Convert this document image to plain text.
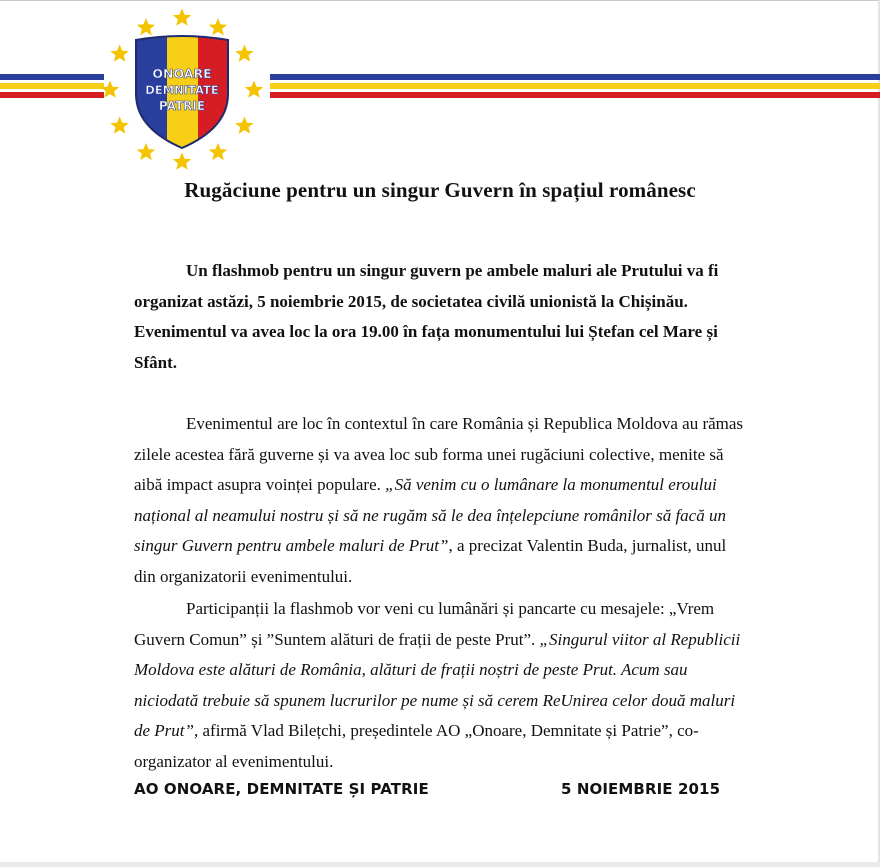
ONOARE
DEMNITATE
PATRIE
Rugăciune pentru un singur Guvern în spațiul românesc
Un flashmob pentru un singur guvern pe ambele maluri ale Prutului va fi organizat astăzi, 5 noiembrie 2015, de societatea civilă unionistă la Chișinău. Evenimentul va avea loc la ora 19.00 în fața monumentului lui Ștefan cel Mare și Sfânt.
Evenimentul are loc în contextul în care România și Republica Moldova au rămas zilele acestea fără guverne și va avea loc sub forma unei rugăciuni colective, menite să aibă impact asupra voinței populare. „Să venim cu o lumânare la monumentul eroului național al neamului nostru și să ne rugăm să le dea înțelepciune românilor să facă un singur Guvern pentru ambele maluri de Prut”, a precizat Valentin Buda, jurnalist, unul din organizatorii evenimentului.
Participanții la flashmob vor veni cu lumânări și pancarte cu mesajele: „Vrem Guvern Comun” și ”Suntem alături de frații de peste Prut”. „Singurul viitor al Republicii Moldova este alături de România, alături de frații noștri de peste Prut. Acum sau niciodată trebuie să spunem lucrurilor pe nume și să cerem ReUnirea celor două maluri de Prut”, afirmă Vlad Bilețchi, președintele AO „Onoare, Demnitate și Patrie”, co-organizator al evenimentului.
AO ONOARE, DEMNITATE ȘI PATRIE	5 NOIEMBRIE 2015
